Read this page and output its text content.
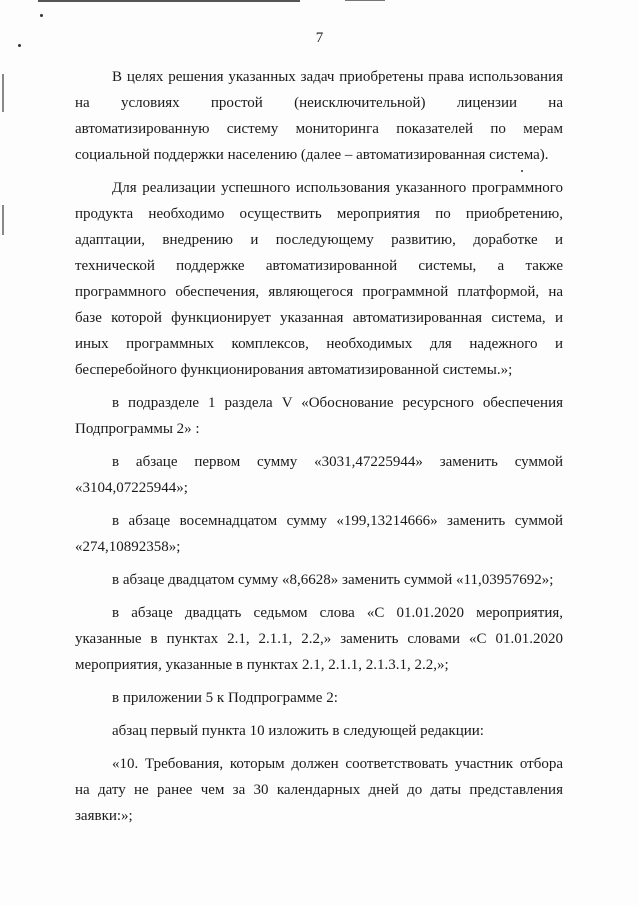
7

В целях решения указанных задач приобретены права использования на условиях простой (неисключительной) лицензии на автоматизированную систему мониторинга показателей по мерам социальной поддержки населению (далее – автоматизированная система).

Для реализации успешного использования указанного программного продукта необходимо осуществить мероприятия по приобретению, адаптации, внедрению и последующему развитию, доработке и технической поддержке автоматизированной системы, а также программного обеспечения, являющегося программной платформой, на базе которой функционирует указанная автоматизированная система, и иных программных комплексов, необходимых для надежного и бесперебойного функционирования автоматизированной системы.»;

в подразделе 1 раздела V «Обоснование ресурсного обеспечения Подпрограммы 2» :

в абзаце первом сумму «3031,47225944» заменить суммой «3104,07225944»;

в абзаце восемнадцатом сумму «199,13214666» заменить суммой «274,10892358»;

в абзаце двадцатом сумму «8,6628» заменить суммой «11,03957692»;

в абзаце двадцать седьмом слова «С 01.01.2020 мероприятия, указанные в пунктах 2.1, 2.1.1, 2.2,» заменить словами «С 01.01.2020 мероприятия, указанные в пунктах 2.1, 2.1.1, 2.1.3.1, 2.2,»;

в приложении 5 к Подпрограмме 2:

абзац первый пункта 10 изложить в следующей редакции:

«10. Требования, которым должен соответствовать участник отбора на дату не ранее чем за 30 календарных дней до даты представления заявки:»;
